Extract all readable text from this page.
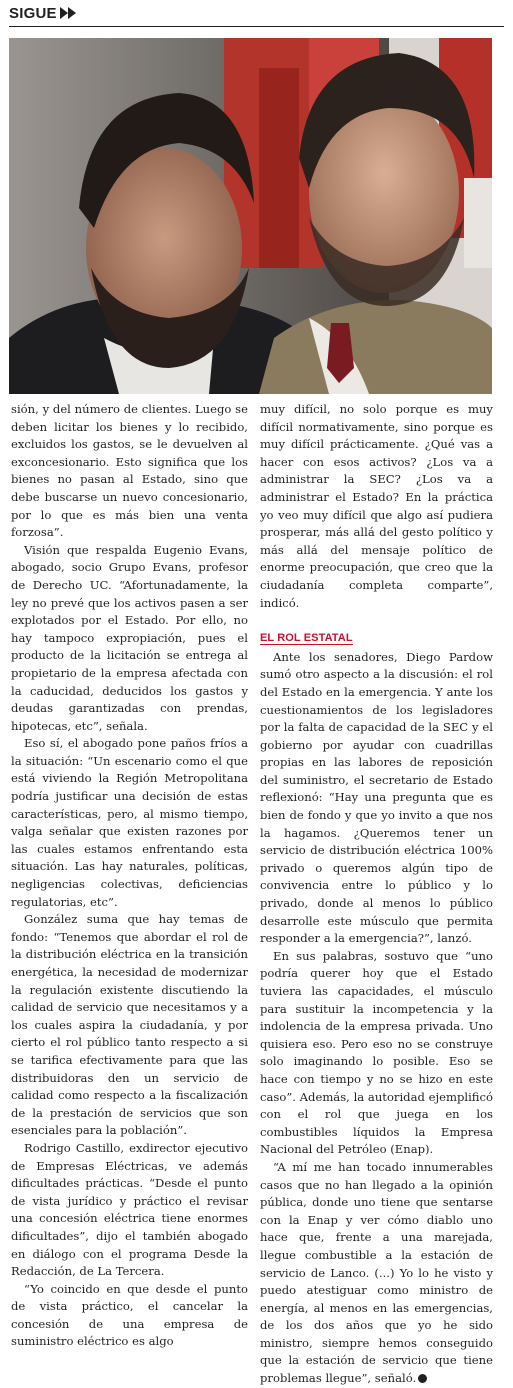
SIGUE

sión, y del número de clientes. Luego se deben licitar los bienes y lo recibido, excluidos los gastos, se le devuelven al exconcesionario. Esto significa que los bienes no pasan al Estado, sino que debe buscarse un nuevo concesionario, por lo que es más bien una venta forzosa”.

Visión que respalda Eugenio Evans, abogado, socio Grupo Evans, profesor de Derecho UC. “Afortunadamente, la ley no prevé que los activos pasen a ser explotados por el Estado. Por ello, no hay tampoco expropiación, pues el producto de la licitación se entrega al propietario de la empresa afectada con la caducidad, deducidos los gastos y deudas garantizadas con prendas, hipotecas, etc”, señala.

Eso sí, el abogado pone paños fríos a la situación: “Un escenario como el que está viviendo la Región Metropolitana podría justificar una decisión de estas características, pero, al mismo tiempo, valga señalar que existen razones por las cuales estamos enfrentando esta situación. Las hay naturales, políticas, negligencias colectivas, deficiencias regulatorias, etc”.

González suma que hay temas de fondo: “Tenemos que abordar el rol de la distribución eléctrica en la transición energética, la necesidad de modernizar la regulación existente discutiendo la calidad de servicio que necesitamos y a los cuales aspira la ciudadanía, y por cierto el rol público tanto respecto a si se tarifica efectivamente para que las distribuidoras den un servicio de calidad como respecto a la fiscalización de la prestación de servicios que son esenciales para la población”.

Rodrigo Castillo, exdirector ejecutivo de Empresas Eléctricas, ve además dificultades prácticas. “Desde el punto de vista jurídico y práctico el revisar una concesión eléctrica tiene enormes dificultades”, dijo el también abogado en diálogo con el programa Desde la Redacción, de La Tercera.

“Yo coincido en que desde el punto de vista práctico, el cancelar la concesión de una empresa de suministro eléctrico es algo

muy difícil, no solo porque es muy difícil normativamente, sino porque es muy difícil prácticamente. ¿Qué vas a hacer con esos activos? ¿Los va a administrar la SEC? ¿Los va a administrar el Estado? En la práctica yo veo muy difícil que algo así pudiera prosperar, más allá del gesto político y más allá del mensaje político de enorme preocupación, que creo que la ciudadanía completa comparte”, indicó.

EL ROL ESTATAL

Ante los senadores, Diego Pardow sumó otro aspecto a la discusión: el rol del Estado en la emergencia. Y ante los cuestionamientos de los legisladores por la falta de capacidad de la SEC y el gobierno por ayudar con cuadrillas propias en las labores de reposición del suministro, el secretario de Estado reflexionó: “Hay una pregunta que es bien de fondo y que yo invito a que nos la hagamos. ¿Queremos tener un servicio de distribución eléctrica 100% privado o queremos algún tipo de convivencia entre lo público y lo privado, donde al menos lo público desarrolle este músculo que permita responder a la emergencia?”, lanzó.

En sus palabras, sostuvo que “uno podría querer hoy que el Estado tuviera las capacidades, el músculo para sustituir la incompetencia y la indolencia de la empresa privada. Uno quisiera eso. Pero eso no se construye solo imaginando lo posible. Eso se hace con tiempo y no se hizo en este caso”. Además, la autoridad ejemplificó con el rol que juega en los combustibles líquidos la Empresa Nacional del Petróleo (Enap).

“A mí me han tocado innumerables casos que no han llegado a la opinión pública, donde uno tiene que sentarse con la Enap y ver cómo diablo uno hace que, frente a una marejada, llegue combustible a la estación de servicio de Lanco. (...) Yo lo he visto y puedo atestiguar como ministro de energía, al menos en las emergencias, de los dos años que yo he sido ministro, siempre hemos conseguido que la estación de servicio que tiene problemas llegue”, señaló.
